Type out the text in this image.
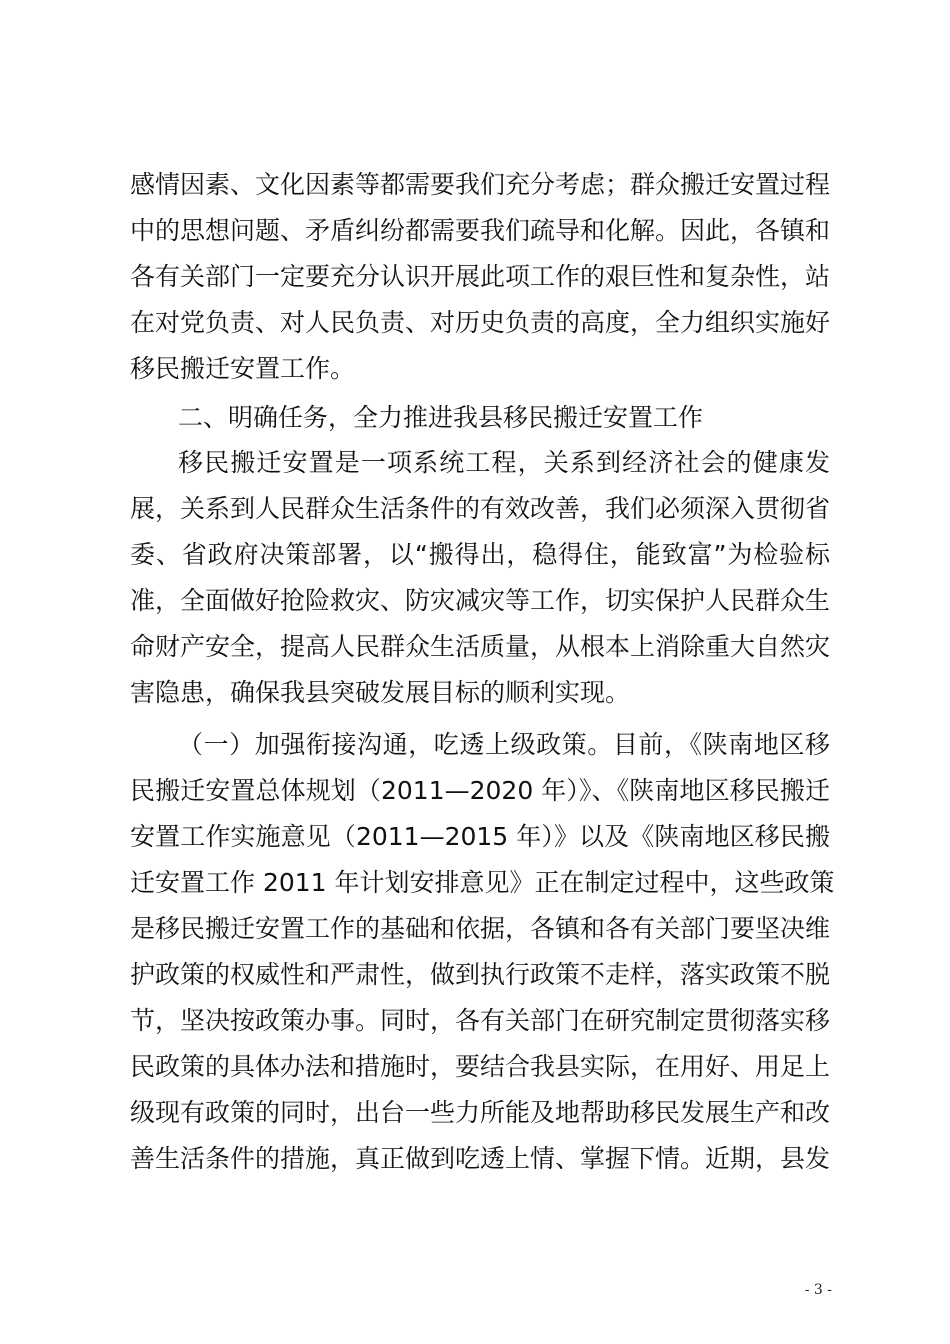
感情因素、文化因素等都需要我们充分考虑；群众搬迁安置过程
中的思想问题、矛盾纠纷都需要我们疏导和化解。因此，各镇和
各有关部门一定要充分认识开展此项工作的艰巨性和复杂性，站
在对党负责、对人民负责、对历史负责的高度，全力组织实施好
移民搬迁安置工作。
二、明确任务，全力推进我县移民搬迁安置工作
移民搬迁安置是一项系统工程，关系到经济社会的健康发
展，关系到人民群众生活条件的有效改善，我们必须深入贯彻省
委、省政府决策部署，以“搬得出，稳得住，能致富”为检验标
准，全面做好抢险救灾、防灾减灾等工作，切实保护人民群众生
命财产安全，提高人民群众生活质量，从根本上消除重大自然灾
害隐患，确保我县突破发展目标的顺利实现。
（一）加强衔接沟通，吃透上级政策。目前，《陕南地区移
民搬迁安置总体规划（2011—2020 年）》、《陕南地区移民搬迁
安置工作实施意见（2011—2015 年）》以及《陕南地区移民搬
迁安置工作 2011 年计划安排意见》正在制定过程中，这些政策
是移民搬迁安置工作的基础和依据，各镇和各有关部门要坚决维
护政策的权威性和严肃性，做到执行政策不走样，落实政策不脱
节，坚决按政策办事。同时，各有关部门在研究制定贯彻落实移
民政策的具体办法和措施时，要结合我县实际，在用好、用足上
级现有政策的同时，出台一些力所能及地帮助移民发展生产和改
善生活条件的措施，真正做到吃透上情、掌握下情。近期，县发
- 3 -
